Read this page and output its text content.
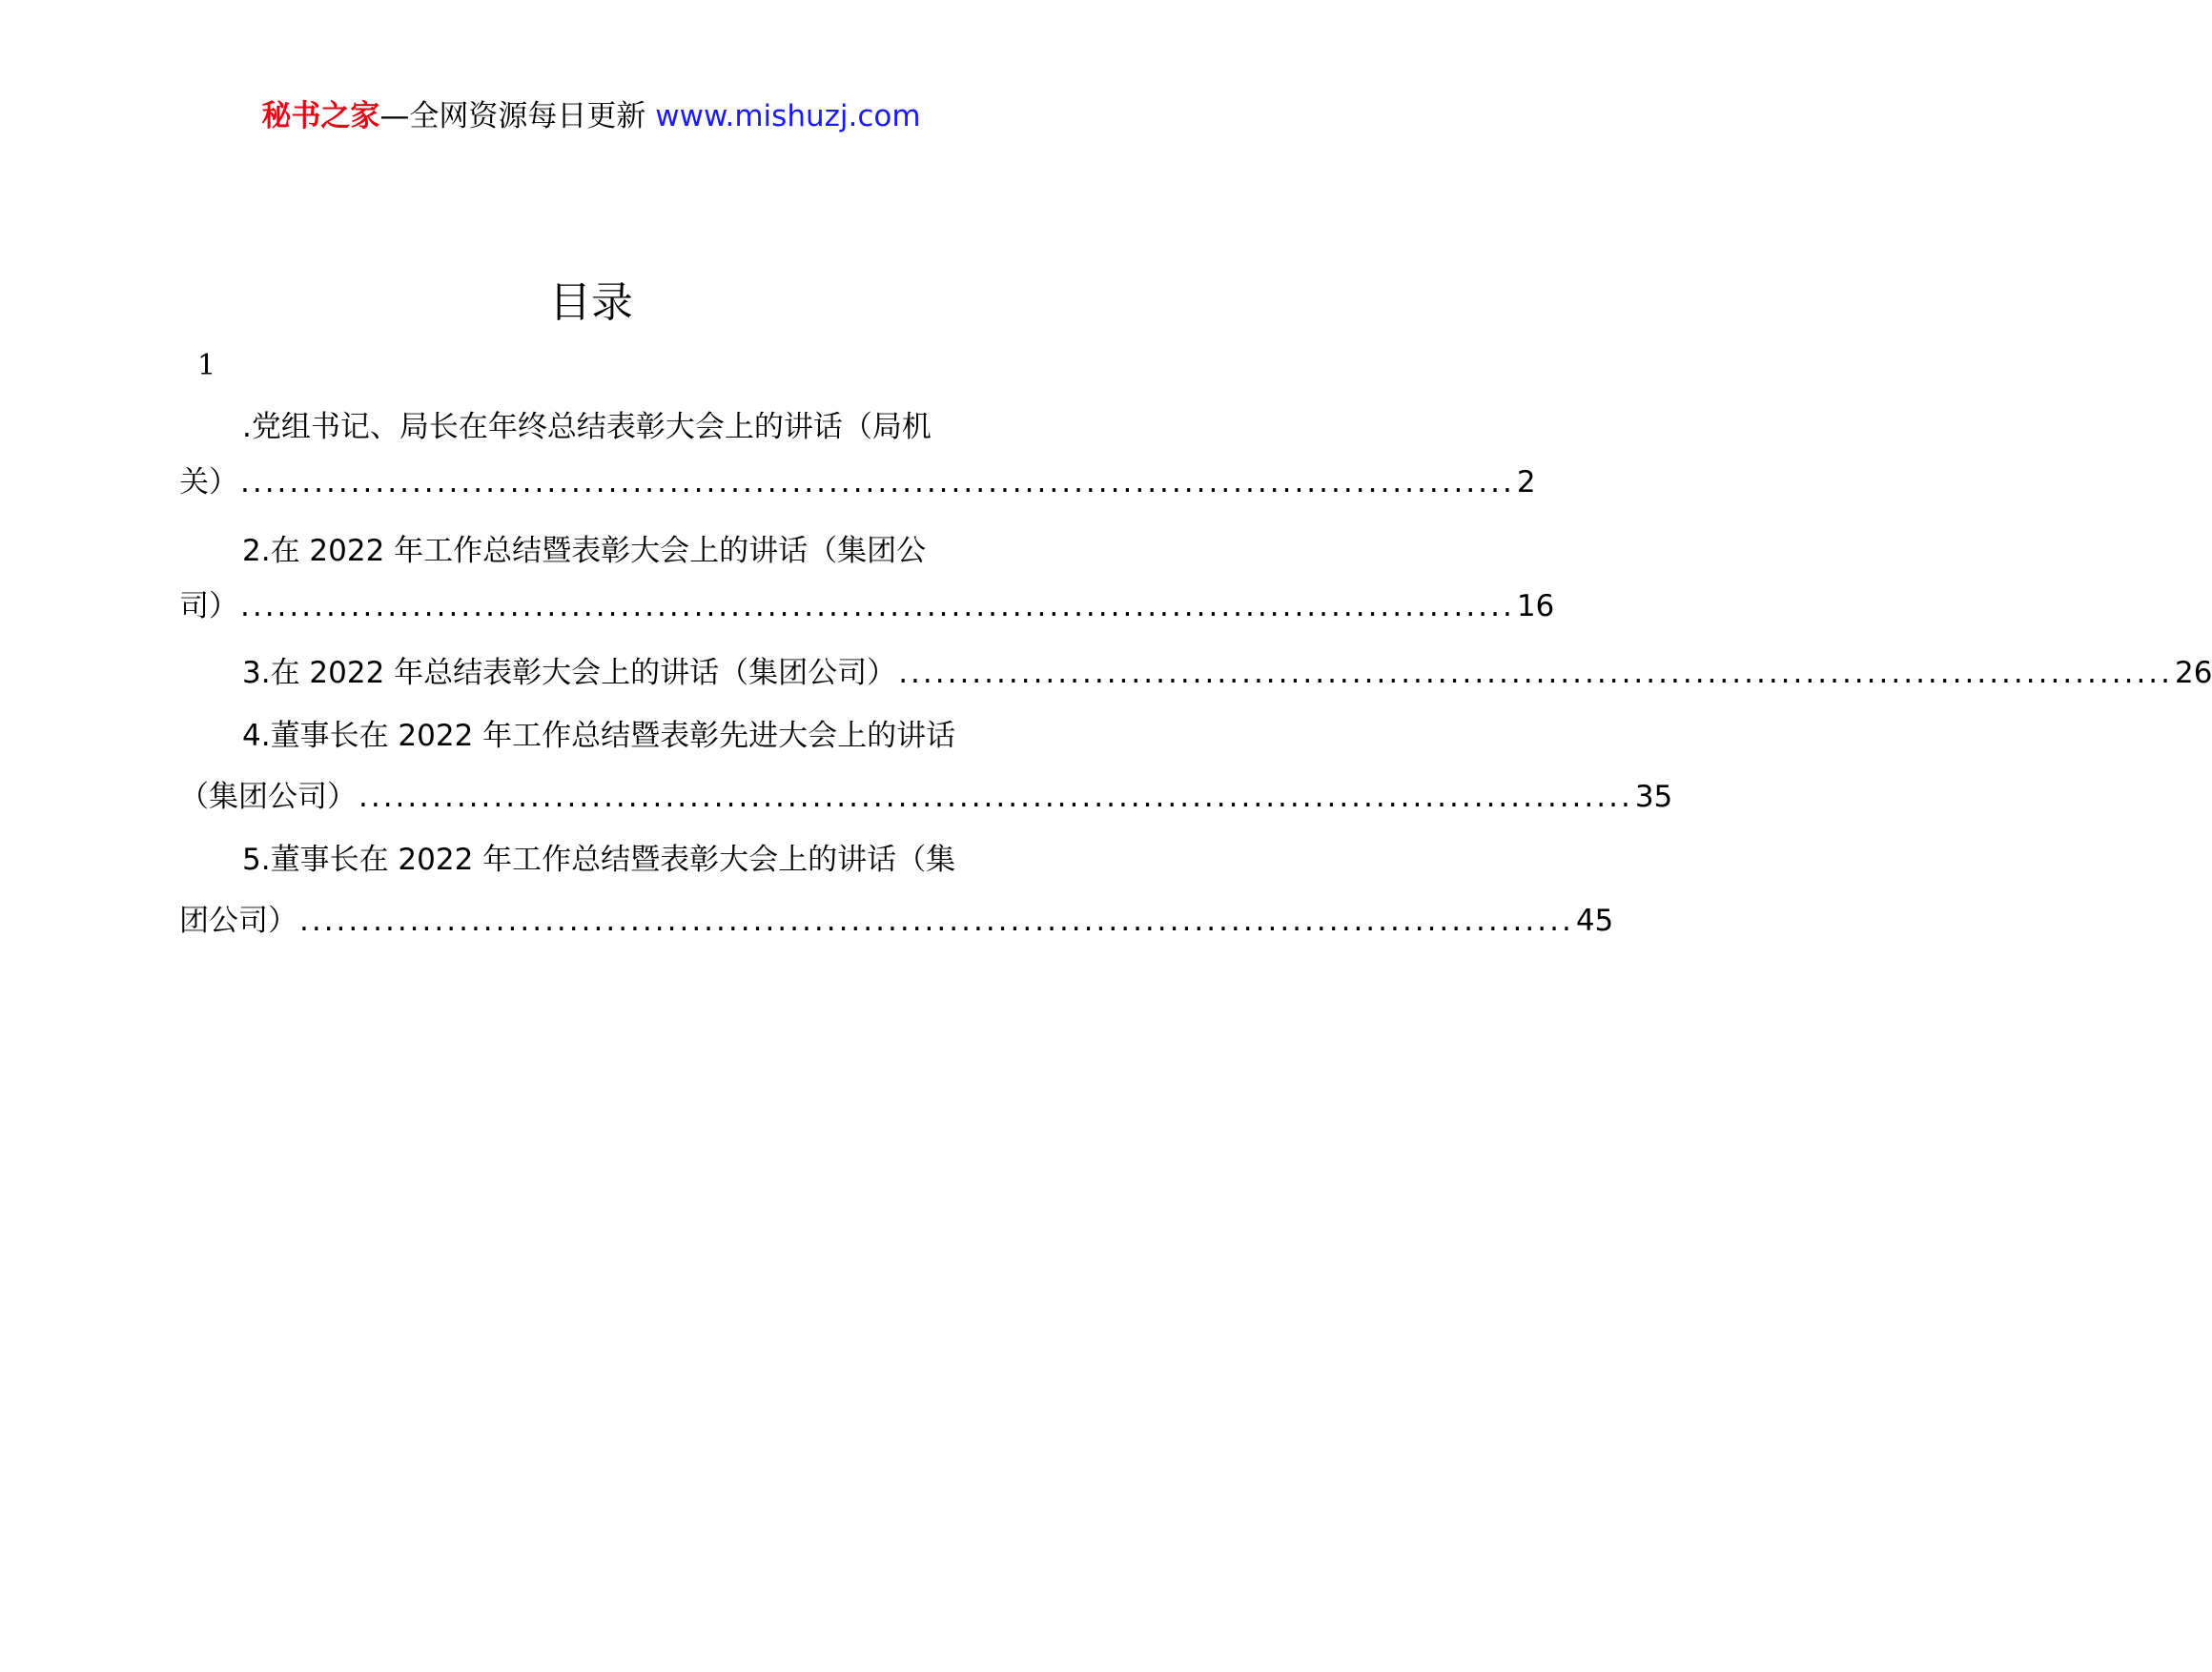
秘书之家—全网资源每日更新 www.mishuzj.com
目录
1
.党组书记、局长在年终总结表彰大会上的讲话（局机
关） ........................................................................................................ 2
2.在 2022 年工作总结暨表彰大会上的讲话（集团公
司） ........................................................................................................ 16
3.在 2022 年总结表彰大会上的讲话（集团公司） ........................................................................................................ 26
4.董事长在 2022 年工作总结暨表彰先进大会上的讲话
（集团公司） ........................................................................................................ 35
5.董事长在 2022 年工作总结暨表彰大会上的讲话（集
团公司） ........................................................................................................ 45
